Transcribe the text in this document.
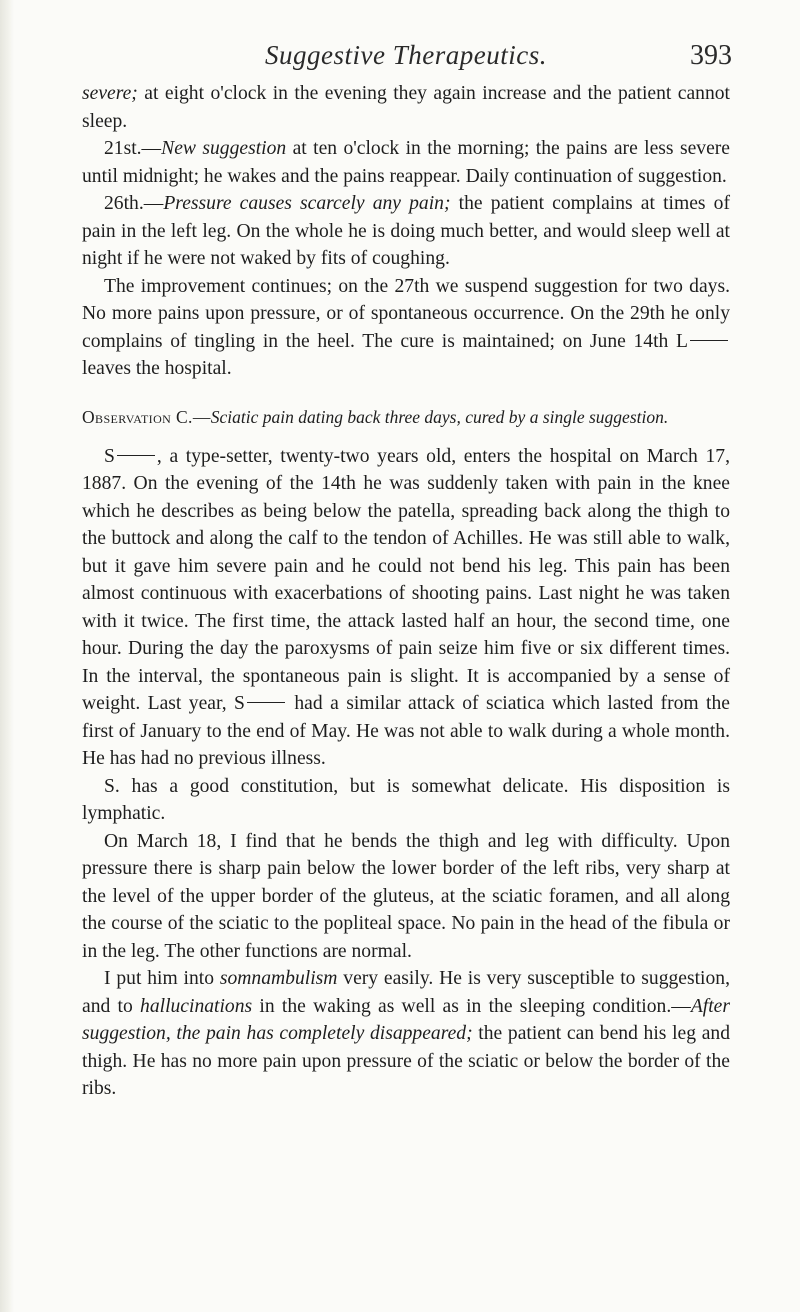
Suggestive Therapeutics.	393

severe; at eight o'clock in the evening they again increase and the patient cannot sleep.

21st.—New suggestion at ten o'clock in the morning; the pains are less severe until midnight; he wakes and the pains reappear. Daily continuation of suggestion.

26th.—Pressure causes scarcely any pain; the patient complains at times of pain in the left leg. On the whole he is doing much better, and would sleep well at night if he were not waked by fits of coughing.

The improvement continues; on the 27th we suspend suggestion for two days. No more pains upon pressure, or of spontaneous occurrence. On the 29th he only complains of tingling in the heel. The cure is maintained; on June 14th L leaves the hospital.

Observation C.—Sciatic pain dating back three days, cured by a single suggestion.

S , a type-setter, twenty-two years old, enters the hospital on March 17, 1887. On the evening of the 14th he was suddenly taken with pain in the knee which he describes as being below the patella, spreading back along the thigh to the buttock and along the calf to the tendon of Achilles. He was still able to walk, but it gave him severe pain and he could not bend his leg. This pain has been almost continuous with exacerbations of shooting pains. Last night he was taken with it twice. The first time, the attack lasted half an hour, the second time, one hour. During the day the paroxysms of pain seize him five or six different times. In the interval, the spontaneous pain is slight. It is accompanied by a sense of weight. Last year, S had a similar attack of sciatica which lasted from the first of January to the end of May. He was not able to walk during a whole month. He has had no previous illness.

S. has a good constitution, but is somewhat delicate. His disposition is lymphatic.

On March 18, I find that he bends the thigh and leg with difficulty. Upon pressure there is sharp pain below the lower border of the left ribs, very sharp at the level of the upper border of the gluteus, at the sciatic foramen, and all along the course of the sciatic to the popliteal space. No pain in the head of the fibula or in the leg. The other functions are normal.

I put him into somnambulism very easily. He is very susceptible to suggestion, and to hallucinations in the waking as well as in the sleeping condition.—After suggestion, the pain has completely disappeared; the patient can bend his leg and thigh. He has no more pain upon pressure of the sciatic or below the border of the ribs.
